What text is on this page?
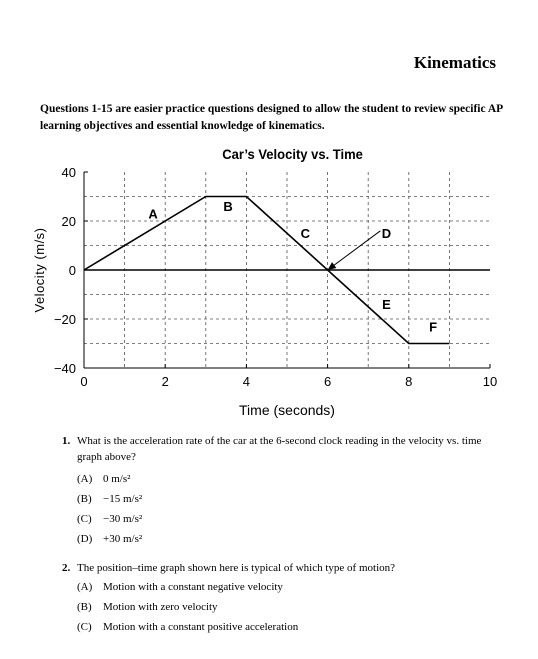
Kinematics
Questions 1-15 are easier practice questions designed to allow the student to review specific AP learning objectives and essential knowledge of kinematics.
Car’s Velocity vs. Time
0	2	4	6	8	10
40
20
0
−20
−40
Time (seconds)
Velocity (m/s)
A	B
C	D
E
F
1. What is the acceleration rate of the car at the 6-second clock reading in the velocity vs. time graph above?
(A) 0 m/s²
(B) −15 m/s²
(C) −30 m/s²
(D) +30 m/s²
2. The position–time graph shown here is typical of which type of motion?
(A) Motion with a constant negative velocity
(B) Motion with zero velocity
(C) Motion with a constant positive acceleration
